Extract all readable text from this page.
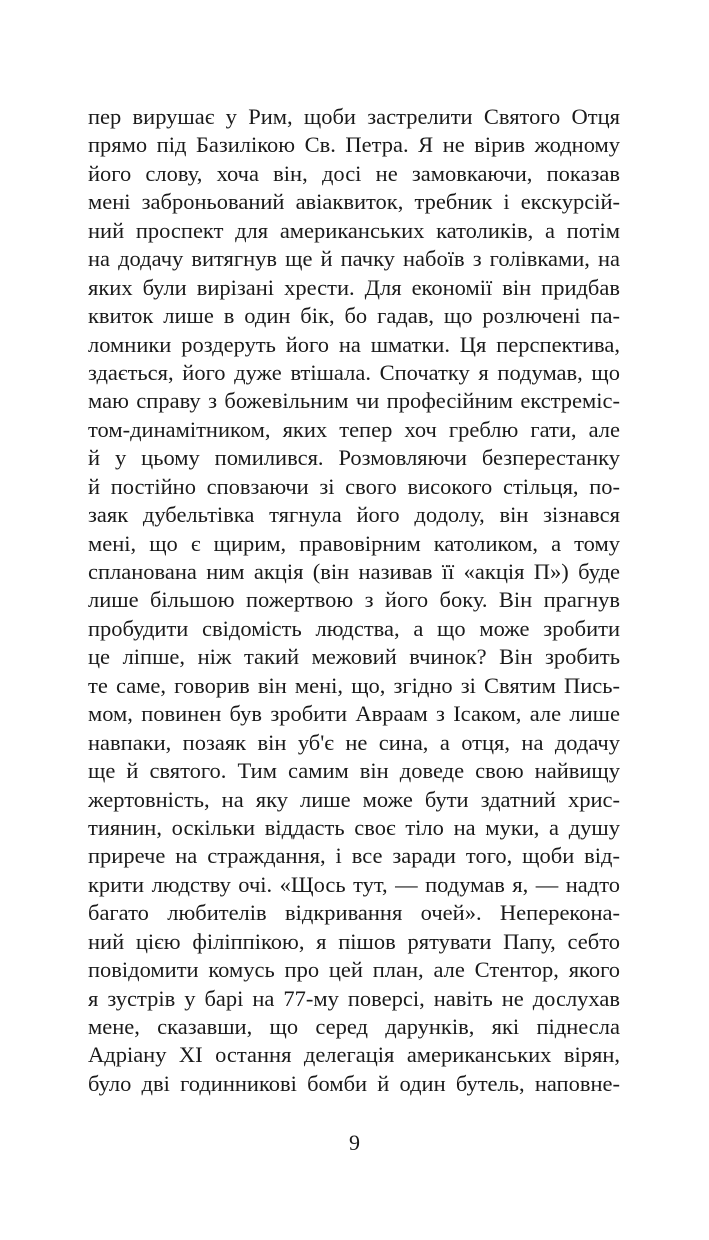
пер вирушає у Рим, щоби застрелити Святого Отця
прямо під Базилікою Св. Петра. Я не вірив жодному
його слову, хоча він, досі не замовкаючи, показав
мені заброньований авіаквиток, требник і екскурсій-
ний проспект для американських католиків, а потім
на додачу витягнув ще й пачку набоїв з голівками, на
яких були вирізані хрести. Для економії він придбав
квиток лише в один бік, бо гадав, що розлючені па-
ломники роздеруть його на шматки. Ця перспектива,
здається, його дуже втішала. Спочатку я подумав, що
маю справу з божевільним чи професійним екстреміс-
том-динамітником, яких тепер хоч греблю гати, але
й у цьому помилився. Розмовляючи безперестанку
й постійно сповзаючи зі свого високого стільця, по-
заяк дубельтівка тягнула його додолу, він зізнався
мені, що є щирим, правовірним католиком, а тому
спланована ним акція (він називав її «акція П») буде
лише більшою пожертвою з його боку. Він прагнув
пробудити свідомість людства, а що може зробити
це ліпше, ніж такий межовий вчинок? Він зробить
те саме, говорив він мені, що, згідно зі Святим Пись-
мом, повинен був зробити Авраам з Ісаком, але лише
навпаки, позаяк він уб'є не сина, а отця, на додачу
ще й святого. Тим самим він доведе свою найвищу
жертовність, на яку лише може бути здатний хрис-
тиянин, оскільки віддасть своє тіло на муки, а душу
приречe на страждання, і все заради того, щоби від-
крити людству очі. «Щось тут, — подумав я, — надто
багато любителів відкривання очей». Непереконa-
ний цією філіппікою, я пішов рятувати Папу, себто
повідомити комусь про цей план, але Стентор, якого
я зустрів у барі на 77-му поверсі, навіть не дослухав
мене, сказавши, що серед дарунків, які піднесла
Адріану XI остання делегація американських вірян,
було дві годинникові бомби й один бутель, наповне-
9
